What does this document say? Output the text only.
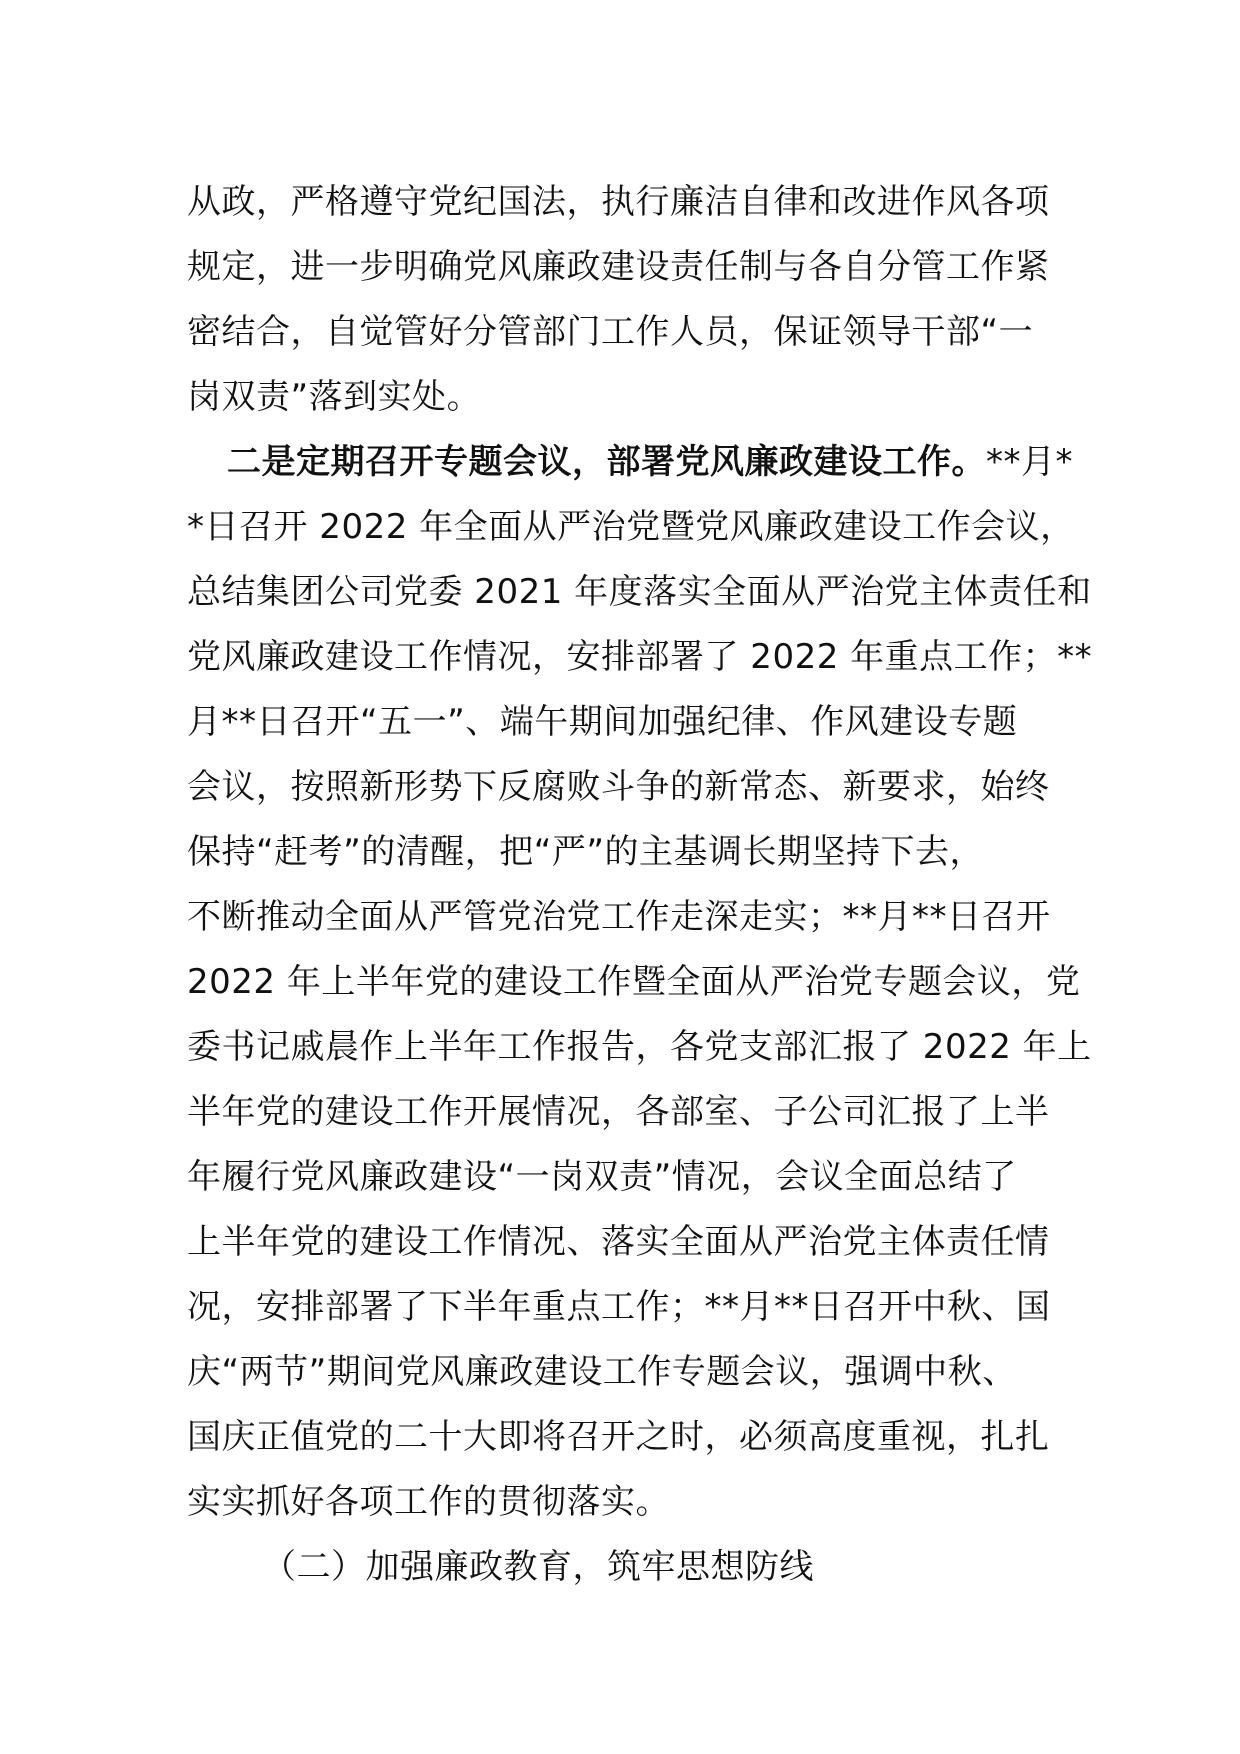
从政，严格遵守党纪国法，执行廉洁自律和改进作风各项
规定，进一步明确党风廉政建设责任制与各自分管工作紧
密结合，自觉管好分管部门工作人员，保证领导干部“一
岗双责”落到实处。
二是定期召开专题会议，部署党风廉政建设工作。**月*
*日召开 2022 年全面从严治党暨党风廉政建设工作会议，
总结集团公司党委 2021 年度落实全面从严治党主体责任和
党风廉政建设工作情况，安排部署了 2022 年重点工作；**
月**日召开“五一”、端午期间加强纪律、作风建设专题
会议，按照新形势下反腐败斗争的新常态、新要求，始终
保持“赶考”的清醒，把“严”的主基调长期坚持下去，
不断推动全面从严管党治党工作走深走实；**月**日召开
2022 年上半年党的建设工作暨全面从严治党专题会议，党
委书记戚晨作上半年工作报告，各党支部汇报了 2022 年上
半年党的建设工作开展情况，各部室、子公司汇报了上半
年履行党风廉政建设“一岗双责”情况，会议全面总结了
上半年党的建设工作情况、落实全面从严治党主体责任情
况，安排部署了下半年重点工作；**月**日召开中秋、国
庆“两节”期间党风廉政建设工作专题会议，强调中秋、
国庆正值党的二十大即将召开之时，必须高度重视，扎扎
实实抓好各项工作的贯彻落实。
（二）加强廉政教育，筑牢思想防线
